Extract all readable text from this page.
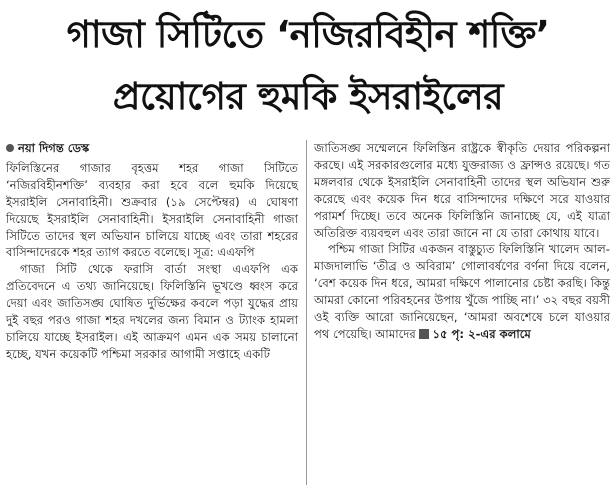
গাজা সিটিতে ‘নজিরবিহীন শক্তি’
প্রয়োগের হুমকি ইসরাইলের
নয়া দিগন্ত ডেস্ক

ফিলিস্তিনের গাজার বৃহত্তম শহর গাজা সিটিতে ‘নজিরবিহীনশক্তি’ ব্যবহার করা হবে বলে হুমকি দিয়েছে ইসরাইলি সেনাবাহিনী। শুক্রবার (১৯ সেপ্টেম্বর) এ ঘোষণা দিয়েছে ইসরাইলি সেনাবাহিনী। ইসরাইলি সেনাবাহিনী গাজা সিটিতে তাদের স্থল অভিযান চালিয়ে যাচ্ছে এবং তারা শহরের বাসিন্দাদেরকে শহর ত্যাগ করতে বলেছে। সূত্র: এএফপি

গাজা সিটি থেকে ফরাসি বার্তা সংস্থা এএফপি এক প্রতিবেদনে এ তথ্য জানিয়েছে। ফিলিস্তিনি ভূখণ্ডে ধ্বংস করে দেয়া এবং জাতিসঙ্ঘ ঘোষিত দুর্ভিক্ষের কবলে পড়া যুদ্ধের প্রায় দুই বছর পরও গাজা শহর দখলের জন্য বিমান ও ট্যাংক হামলা চালিয়ে যাচ্ছে ইসরাইল। এই আক্রমণ এমন এক সময় চালানো হচ্ছে, যখন কয়েকটি পশ্চিমা সরকার আগামী সপ্তাহে একটি

জাতিসঙ্ঘ সম্মেলনে ফিলিস্তিন রাষ্ট্রকে স্বীকৃতি দেয়ার পরিকল্পনা করছে। এই সরকারগুলোর মধ্যে যুক্তরাজ্য ও ফ্রান্সও রয়েছে। গত মঙ্গলবার থেকে ইসরাইলি সেনাবাহিনী তাদের স্থল অভিযান শুরু করেছে এবং কয়েক দিন ধরে বাসিন্দাদের দক্ষিণে সরে যাওয়ার পরামর্শ দিচ্ছে। তবে অনেক ফিলিস্তিনি জানাচ্ছে যে, এই যাত্রা অতিরিক্ত ব্যয়বহুল এবং তারা জানে না যে তারা কোথায় যাবে।

পশ্চিম গাজা সিটির একজন বাস্তুচ্যুত ফিলিস্তিনি খালেদ আল-মাজদালাভি ‘তীব্র ও অবিরাম’ গোলাবর্ষণের বর্ণনা দিয়ে বলেন, ‘বেশ কয়েক দিন ধরে, আমরা দক্ষিণে পালানোর চেষ্টা করছি। কিন্তু আমরা কোনো পরিবহনের উপায় খুঁজে পাচ্ছি না।’ ৩২ বছর বয়সী ওই ব্যক্তি আরো জানিয়েছেন, ‘আমরা অবশেষে চলে যাওয়ার পথ পেয়েছি। আমাদের ১৫ পৃ: ২-এর কলামে
